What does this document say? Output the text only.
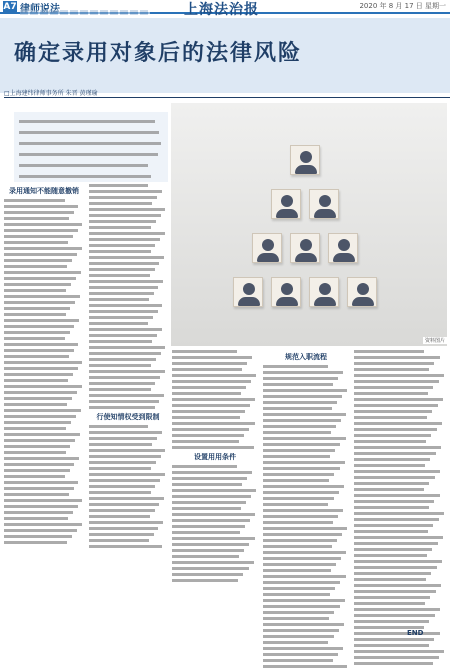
A7	上海法治报	2020 年 8 月 17 日 星期一
确定录用对象后的法律风险
□上海建纬律师事务所 朱晋 黄瑾瑜
录用通知不能随意撤销
行使知情权受到限制
设置用用条件
规范入职流程
资料图片
END
